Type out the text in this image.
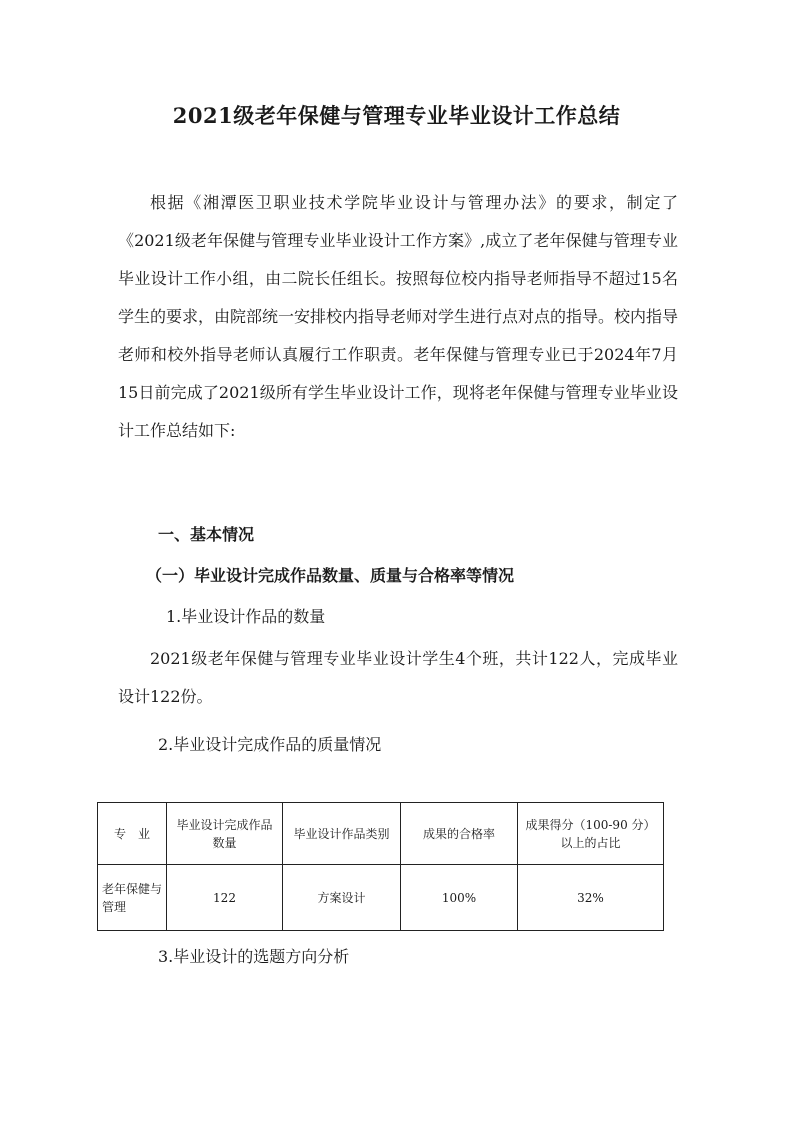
2021级老年保健与管理专业毕业设计工作总结

根据《湘潭医卫职业技术学院毕业设计与管理办法》的要求，制定了《2021级老年保健与管理专业毕业设计工作方案》,成立了老年保健与管理专业毕业设计工作小组，由二院长任组长。按照每位校内指导老师指导不超过15名学生的要求，由院部统一安排校内指导老师对学生进行点对点的指导。校内指导老师和校外指导老师认真履行工作职责。老年保健与管理专业已于2024年7月15日前完成了2021级所有学生毕业设计工作，现将老年保健与管理专业毕业设计工作总结如下:

一、基本情况

（一）毕业设计完成作品数量、质量与合格率等情况

1.毕业设计作品的数量

2021级老年保健与管理专业毕业设计学生4个班，共计122人，完成毕业设计122份。

2.毕业设计完成作品的质量情况

专　业	毕业设计完成作品数量	毕业设计作品类别	成果的合格率	成果得分（100-90 分）以上的占比
老年保健与管理	122	方案设计	100%	32%

3.毕业设计的选题方向分析
